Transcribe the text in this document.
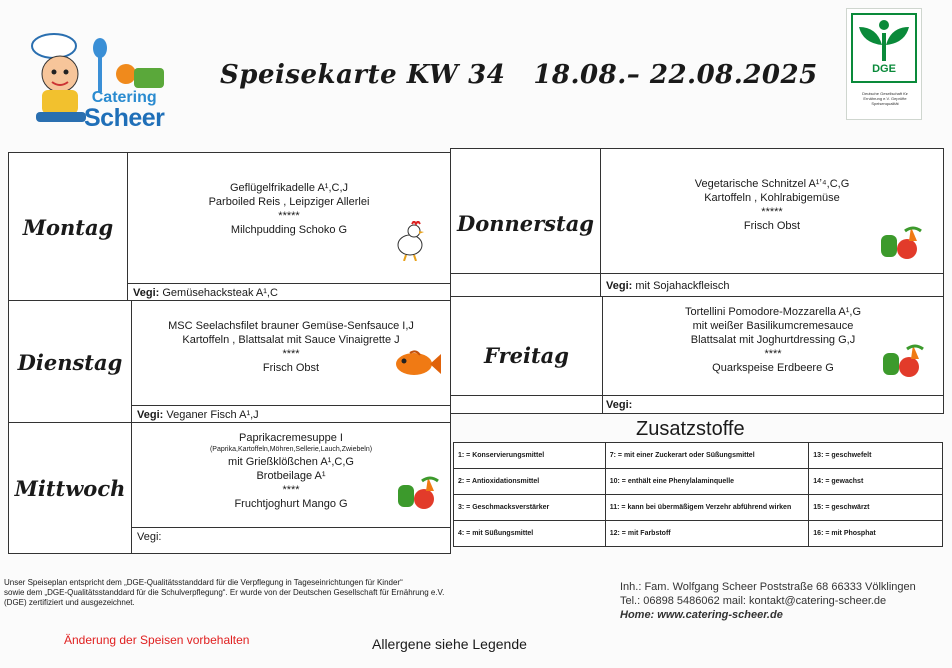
Catering
Scheer
Speisekarte KW 34 18.08.– 22.08.2025	DGE
Deutsche Gesellschaft für Ernährung e.V. Geprüfte Speisenqualität
Montag
Geflügelfrikadelle A¹,C,J
Parboiled Reis , Leipziger Allerlei
*****
Milchpudding Schoko G
Vegi: Gemüsehacksteak A¹,C
Dienstag
MSC Seelachsfilet brauner Gemüse-Senfsauce I,J
Kartoffeln , Blattsalat mit Sauce Vinaigrette J
****
Frisch Obst
Vegi: Veganer Fisch A¹,J
Mittwoch
Paprikacremesuppe I
(Paprika,Kartoffeln,Möhren,Sellerie,Lauch,Zwiebeln)
mit Grießklößchen A¹,C,G
Brotbeilage A¹
****
Fruchtjoghurt Mango G
Vegi:
Donnerstag
Vegetarische Schnitzel A¹ʼ⁴,C,G
Kartoffeln , Kohlrabigemüse
*****
Frisch Obst
Vegi: mit Sojahackfleisch
Freitag
Tortellini Pomodore-Mozzarella A¹,G
mit weißer Basilikumcremesauce
Blattsalat mit Joghurtdressing G,J
****
Quarkspeise Erdbeere G
Vegi:
Zusatzstoffe
1: = Konservierungsmittel	7: = mit einer Zuckerart oder Süßungsmittel	13: = geschwefelt
2: = Antioxidationsmittel	10: = enthält eine Phenylalaminquelle	14: = gewachst
3: = Geschmacksverstärker	11: = kann bei übermäßigem Verzehr abführend wirken	15: = geschwärzt
4: = mit Süßungsmittel	12: = mit Farbstoff	16: = mit Phosphat
Unser Speiseplan entspricht dem „DGE-Qualitätsstanddard für die Verpflegung in Tageseinrichtungen für Kinder“
sowie dem „DGE-Qualitätsstanddard für die Schulverpflegung“. Er wurde von der Deutschen Gesellschaft für Ernährung e.V. (DGE) zertifiziert und ausgezeichnet.
Änderung der Speisen vorbehalten	Allergene siehe Legende
Inh.: Fam. Wolfgang Scheer Poststraße 68 66333 Völklingen
Tel.: 06898 5486062 mail: kontakt@catering-scheer.de
Home: www.catering-scheer.de
